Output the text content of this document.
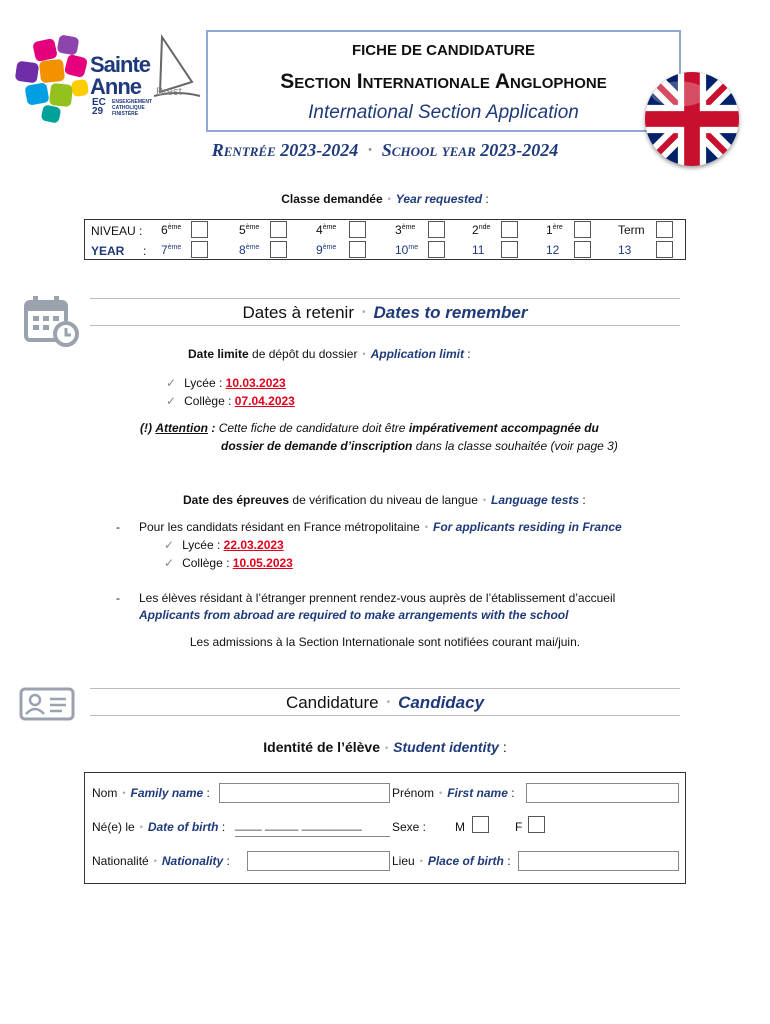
Sainte
Anne Brest
EC
29
ENSEIGNEMENT
CATHOLIQUE
FINISTÈRE
FICHE DE CANDIDATURE
Section Internationale Anglophone
International Section Application
Rentrée 2023-2024 • School year 2023-2024
Classe demandée • Year requested :
NIVEAU : 6ème	5ème	4ème	3ème	2nde	1ère	Term
YEAR : 7ème	8ème	9ème	$10^{me}$	11	12	13
Dates à retenir • Dates to remember
Date limite de dépôt du dossier • Application limit :
✓ Lycée : 10.03.2023
✓ Collège : 07.04.2023
(!) Attention : Cette fiche de candidature doit être impérativement accompagnée du
dossier de demande d’inscription dans la classe souhaitée (voir page 3)
Date des épreuves de vérification du niveau de langue • Language tests :
- Pour les candidats résidant en France métropolitaine • For applicants residing in France
✓ Lycée : 22.03.2023
✓ Collège : 10.05.2023
- Les élèves résidant à l’étranger prennent rendez-vous auprès de l’établissement d’accueil
Applicants from abroad are required to make arrangements with the school
Les admissions à la Section Internationale sont notifiées courant mai/juin.
Candidature • Candidacy
Identité de l’élève • Student identity :
Nom • Family name :	Prénom • First name :
Né(e) le • Date of birth : ____ _____ _________	Sexe : M	F
Nationalité • Nationality :	Lieu • Place of birth :
